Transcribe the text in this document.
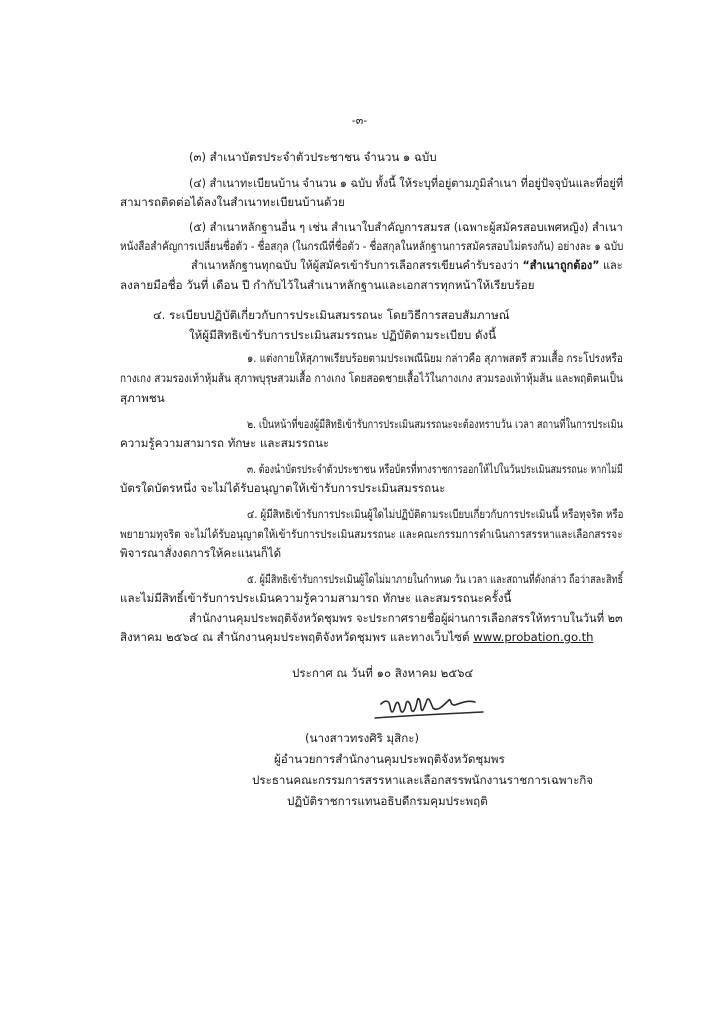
-๓-
(๓) สำเนาบัตรประจำตัวประชาชน จำนวน ๑ ฉบับ
(๔) สำเนาทะเบียนบ้าน จำนวน ๑ ฉบับ ทั้งนี้ ให้ระบุที่อยู่ตามภูมิลำเนา ที่อยู่ปัจจุบันและที่อยู่ที่
สามารถติดต่อได้ลงในสำเนาทะเบียนบ้านด้วย
(๕) สำเนาหลักฐานอื่น ๆ เช่น สำเนาใบสำคัญการสมรส (เฉพาะผู้สมัครสอบเพศหญิง) สำเนา
หนังสือสำคัญการเปลี่ยนชื่อตัว - ชื่อสกุล (ในกรณีที่ชื่อตัว - ชื่อสกุลในหลักฐานการสมัครสอบไม่ตรงกัน) อย่างละ ๑ ฉบับ
สำเนาหลักฐานทุกฉบับ ให้ผู้สมัครเข้ารับการเลือกสรรเขียนคำรับรองว่า “สำเนาถูกต้อง” และ
ลงลายมือชื่อ วันที่ เดือน ปี กำกับไว้ในสำเนาหลักฐานและเอกสารทุกหน้าให้เรียบร้อย
๔. ระเบียบปฏิบัติเกี่ยวกับการประเมินสมรรถนะ โดยวิธีการสอบสัมภาษณ์
ให้ผู้มีสิทธิเข้ารับการประเมินสมรรถนะ ปฏิบัติตามระเบียบ ดังนี้
๑. แต่งกายให้สุภาพเรียบร้อยตามประเพณีนิยม กล่าวคือ สุภาพสตรี สวมเสื้อ กระโปรงหรือ
กางเกง สวมรองเท้าหุ้มส้น สุภาพบุรุษสวมเสื้อ กางเกง โดยสอดชายเสื้อไว้ในกางเกง สวมรองเท้าหุ้มส้น และพฤติตนเป็น
สุภาพชน
๒. เป็นหน้าที่ของผู้มีสิทธิเข้ารับการประเมินสมรรถนะจะต้องทราบวัน เวลา สถานที่ในการประเมิน
ความรู้ความสามารถ ทักษะ และสมรรถนะ
๓. ต้องนำบัตรประจำตัวประชาชน หรือบัตรที่ทางราชการออกให้ไปในวันประเมินสมรรถนะ หากไม่มี
บัตรใดบัตรหนึ่ง จะไม่ได้รับอนุญาตให้เข้ารับการประเมินสมรรถนะ
๔. ผู้มีสิทธิเข้ารับการประเมินผู้ใดไม่ปฏิบัติตามระเบียบเกี่ยวกับการประเมินนี้ หรือทุจริต หรือ
พยายามทุจริต จะไม่ได้รับอนุญาตให้เข้ารับการประเมินสมรรถนะ และคณะกรรมการดำเนินการสรรหาและเลือกสรรจะ
พิจารณาสั่งงดการให้คะแนนก็ได้
๕. ผู้มีสิทธิเข้ารับการประเมินผู้ใดไม่มาภายในกำหนด วัน เวลา และสถานที่ดังกล่าว ถือว่าสละสิทธิ์
และไม่มีสิทธิ์เข้ารับการประเมินความรู้ความสามารถ ทักษะ และสมรรถนะครั้งนี้
สำนักงานคุมประพฤติจังหวัดชุมพร จะประกาศรายชื่อผู้ผ่านการเลือกสรรให้ทราบในวันที่ ๒๓
สิงหาคม ๒๕๖๔ ณ สำนักงานคุมประพฤติจังหวัดชุมพร และทางเว็บไซต์ www.probation.go.th
ประกาศ ณ วันที่ ๑๐ สิงหาคม ๒๕๖๔
(นางสาวทรงศิริ มุสิกะ)
ผู้อำนวยการสำนักงานคุมประพฤติจังหวัดชุมพร
ประธานคณะกรรมการสรรหาและเลือกสรรพนักงานราชการเฉพาะกิจ
ปฏิบัติราชการแทนอธิบดีกรมคุมประพฤติ
